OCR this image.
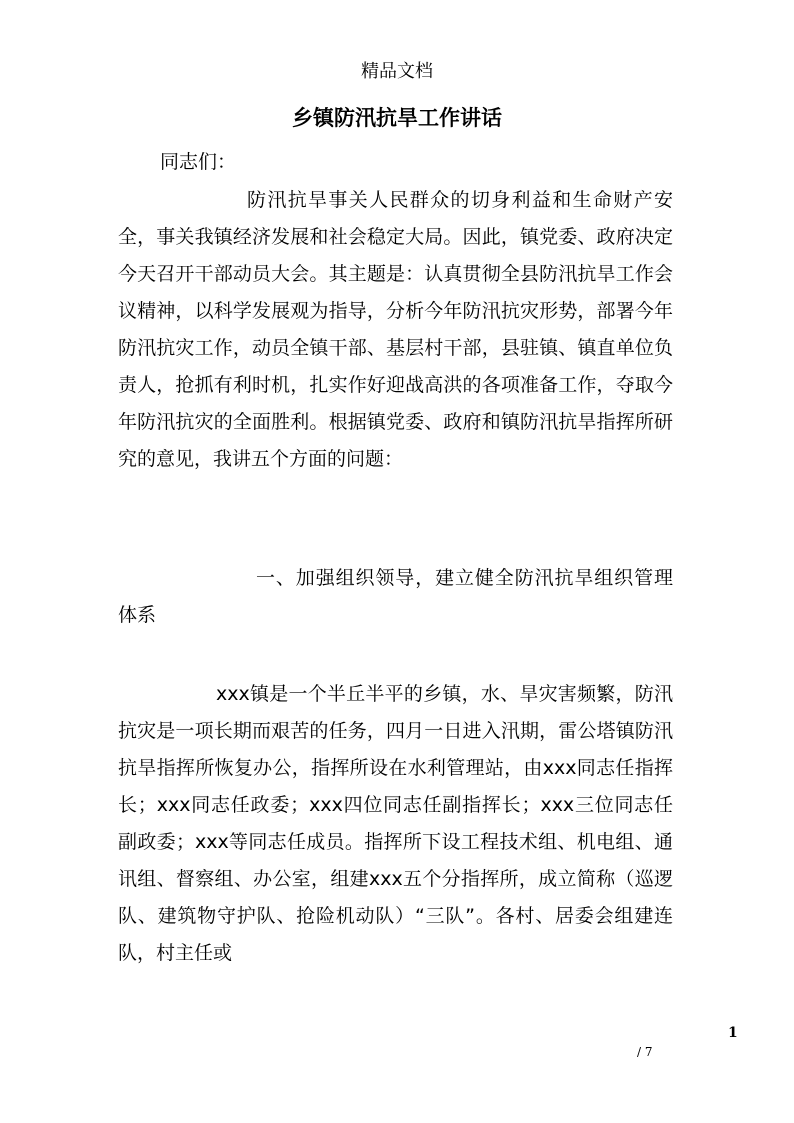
精品文档
乡镇防汛抗旱工作讲话
同志们：

防汛抗旱事关人民群众的切身利益和生命财产安全，事关我镇经济发展和社会稳定大局。因此，镇党委、政府决定今天召开干部动员大会。其主题是：认真贯彻全县防汛抗旱工作会议精神，以科学发展观为指导，分析今年防汛抗灾形势，部署今年防汛抗灾工作，动员全镇干部、基层村干部，县驻镇、镇直单位负责人，抢抓有利时机，扎实作好迎战高洪的各项准备工作，夺取今年防汛抗灾的全面胜利。根据镇党委、政府和镇防汛抗旱指挥所研究的意见，我讲五个方面的问题：

一、加强组织领导，建立健全防汛抗旱组织管理体系

xxx镇是一个半丘半平的乡镇，水、旱灾害频繁，防汛抗灾是一项长期而艰苦的任务，四月一日进入汛期，雷公塔镇防汛抗旱指挥所恢复办公，指挥所设在水利管理站，由xxx同志任指挥长；xxx同志任政委；xxx四位同志任副指挥长；xxx三位同志任副政委；xxx等同志任成员。指挥所下设工程技术组、机电组、通讯组、督察组、办公室，组建xxx五个分指挥所，成立简称（巡逻队、建筑物守护队、抢险机动队）“三队”。各村、居委会组建连队，村主任或

1
/ 7
